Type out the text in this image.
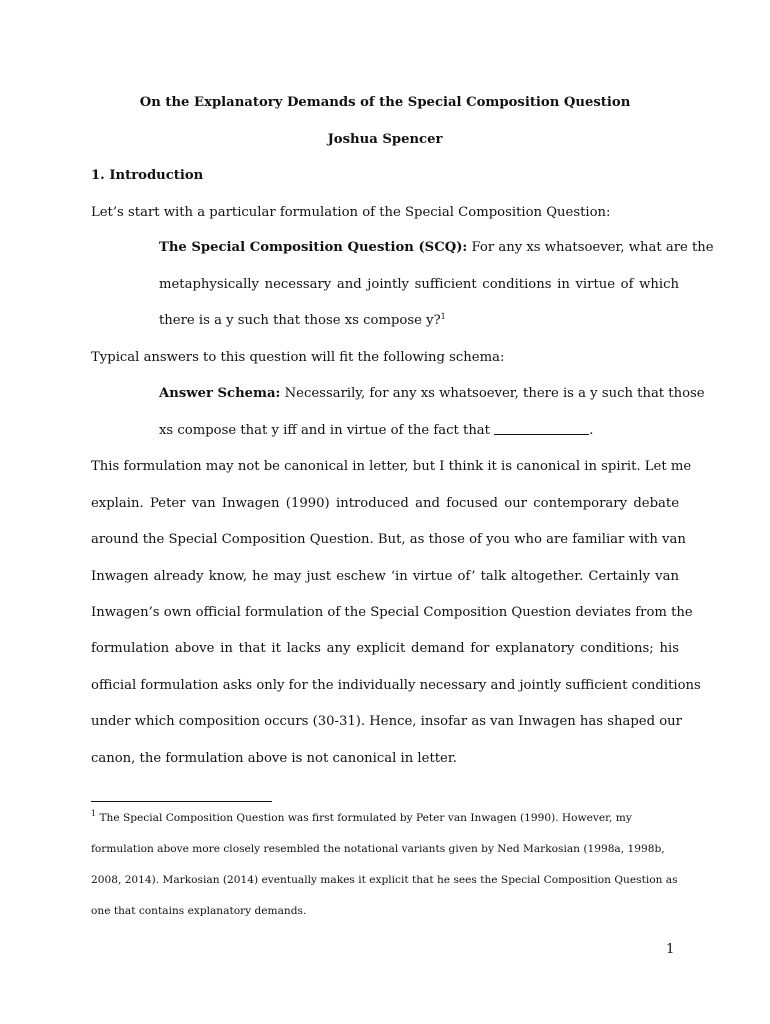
On the Explanatory Demands of the Special Composition Question
Joshua Spencer
1. Introduction
Let’s start with a particular formulation of the Special Composition Question:
The Special Composition Question (SCQ): For any xs whatsoever, what are the
metaphysically necessary and jointly sufficient conditions in virtue of which
there is a y such that those xs compose y?$^1$
Typical answers to this question will fit the following schema:
Answer Schema: Necessarily, for any xs whatsoever, there is a y such that those
xs compose that y iff and in virtue of the fact that	.
This formulation may not be canonical in letter, but I think it is canonical in spirit. Let me
explain. Peter van Inwagen (1990) introduced and focused our contemporary debate
around the Special Composition Question. But, as those of you who are familiar with van
Inwagen already know, he may just eschew ‘in virtue of’ talk altogether. Certainly van
Inwagen’s own official formulation of the Special Composition Question deviates from the
formulation above in that it lacks any explicit demand for explanatory conditions; his
official formulation asks only for the individually necessary and jointly sufficient conditions
under which composition occurs (30-31). Hence, insofar as van Inwagen has shaped our
canon, the formulation above is not canonical in letter.
$^1$ The Special Composition Question was first formulated by Peter van Inwagen (1990). However, my
formulation above more closely resembled the notational variants given by Ned Markosian (1998a, 1998b,
2008, 2014). Markosian (2014) eventually makes it explicit that he sees the Special Composition Question as
one that contains explanatory demands.
1
